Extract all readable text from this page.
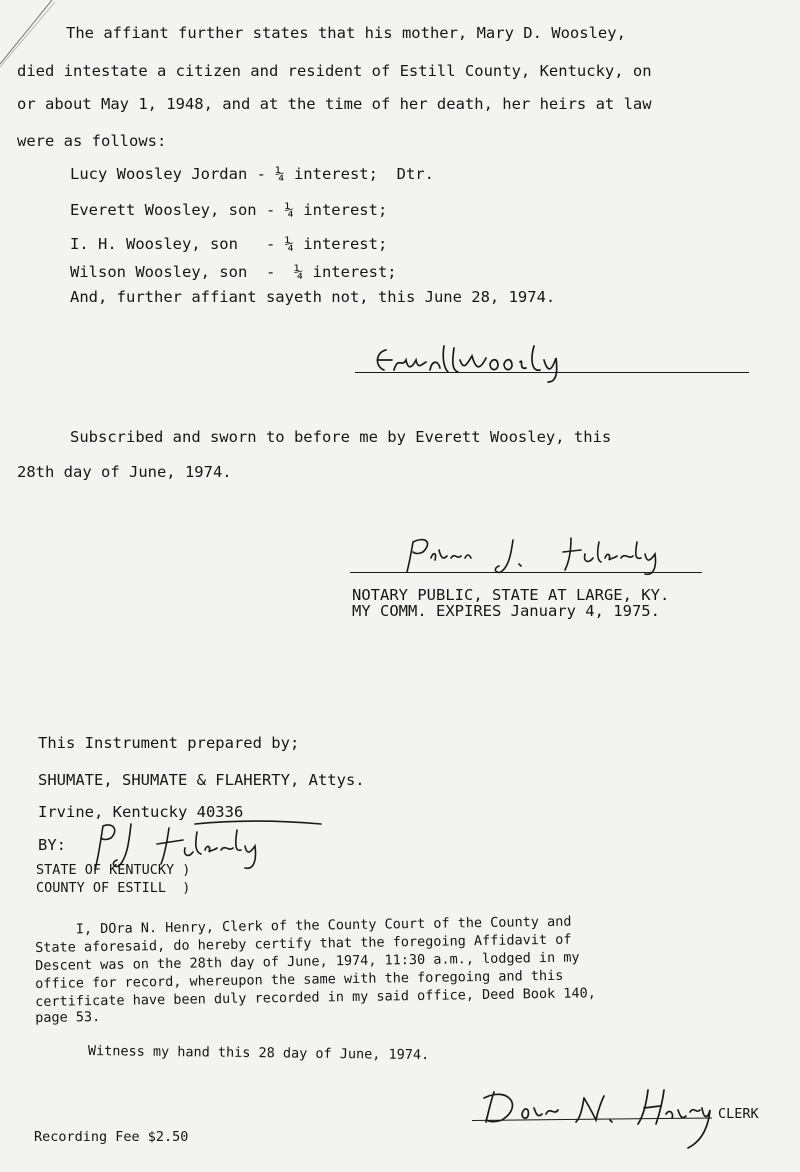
The affiant further states that his mother, Mary D. Woosley,
died intestate a citizen and resident of Estill County, Kentucky, on
or about May 1, 1948, and at the time of her death, her heirs at law
were as follows:
Lucy Woosley Jordan - ¼ interest;  Dtr.
Everett Woosley, son - ¼ interest;
I. H. Woosley, son   - ¼ interest;
Wilson Woosley, son  -  ¼ interest;
And, further affiant sayeth not, this June 28, 1974.
Subscribed and sworn to before me by Everett Woosley, this
28th day of June, 1974.
NOTARY PUBLIC, STATE AT LARGE, KY.
MY COMM. EXPIRES January 4, 1975.
This Instrument prepared by;
SHUMATE, SHUMATE & FLAHERTY, Attys.
Irvine, Kentucky 40336
BY:
STATE OF KENTUCKY )
COUNTY OF ESTILL  )
I, DOra N. Henry, Clerk of the County Court of the County and
State aforesaid, do hereby certify that the foregoing Affidavit of
Descent was on the 28th day of June, 1974, 11:30 a.m., lodged in my
office for record, whereupon the same with the foregoing and this
certificate have been duly recorded in my said office, Deed Book 140,
page 53.
Witness my hand this 28 day of June, 1974.
CLERK
Recording Fee $2.50
